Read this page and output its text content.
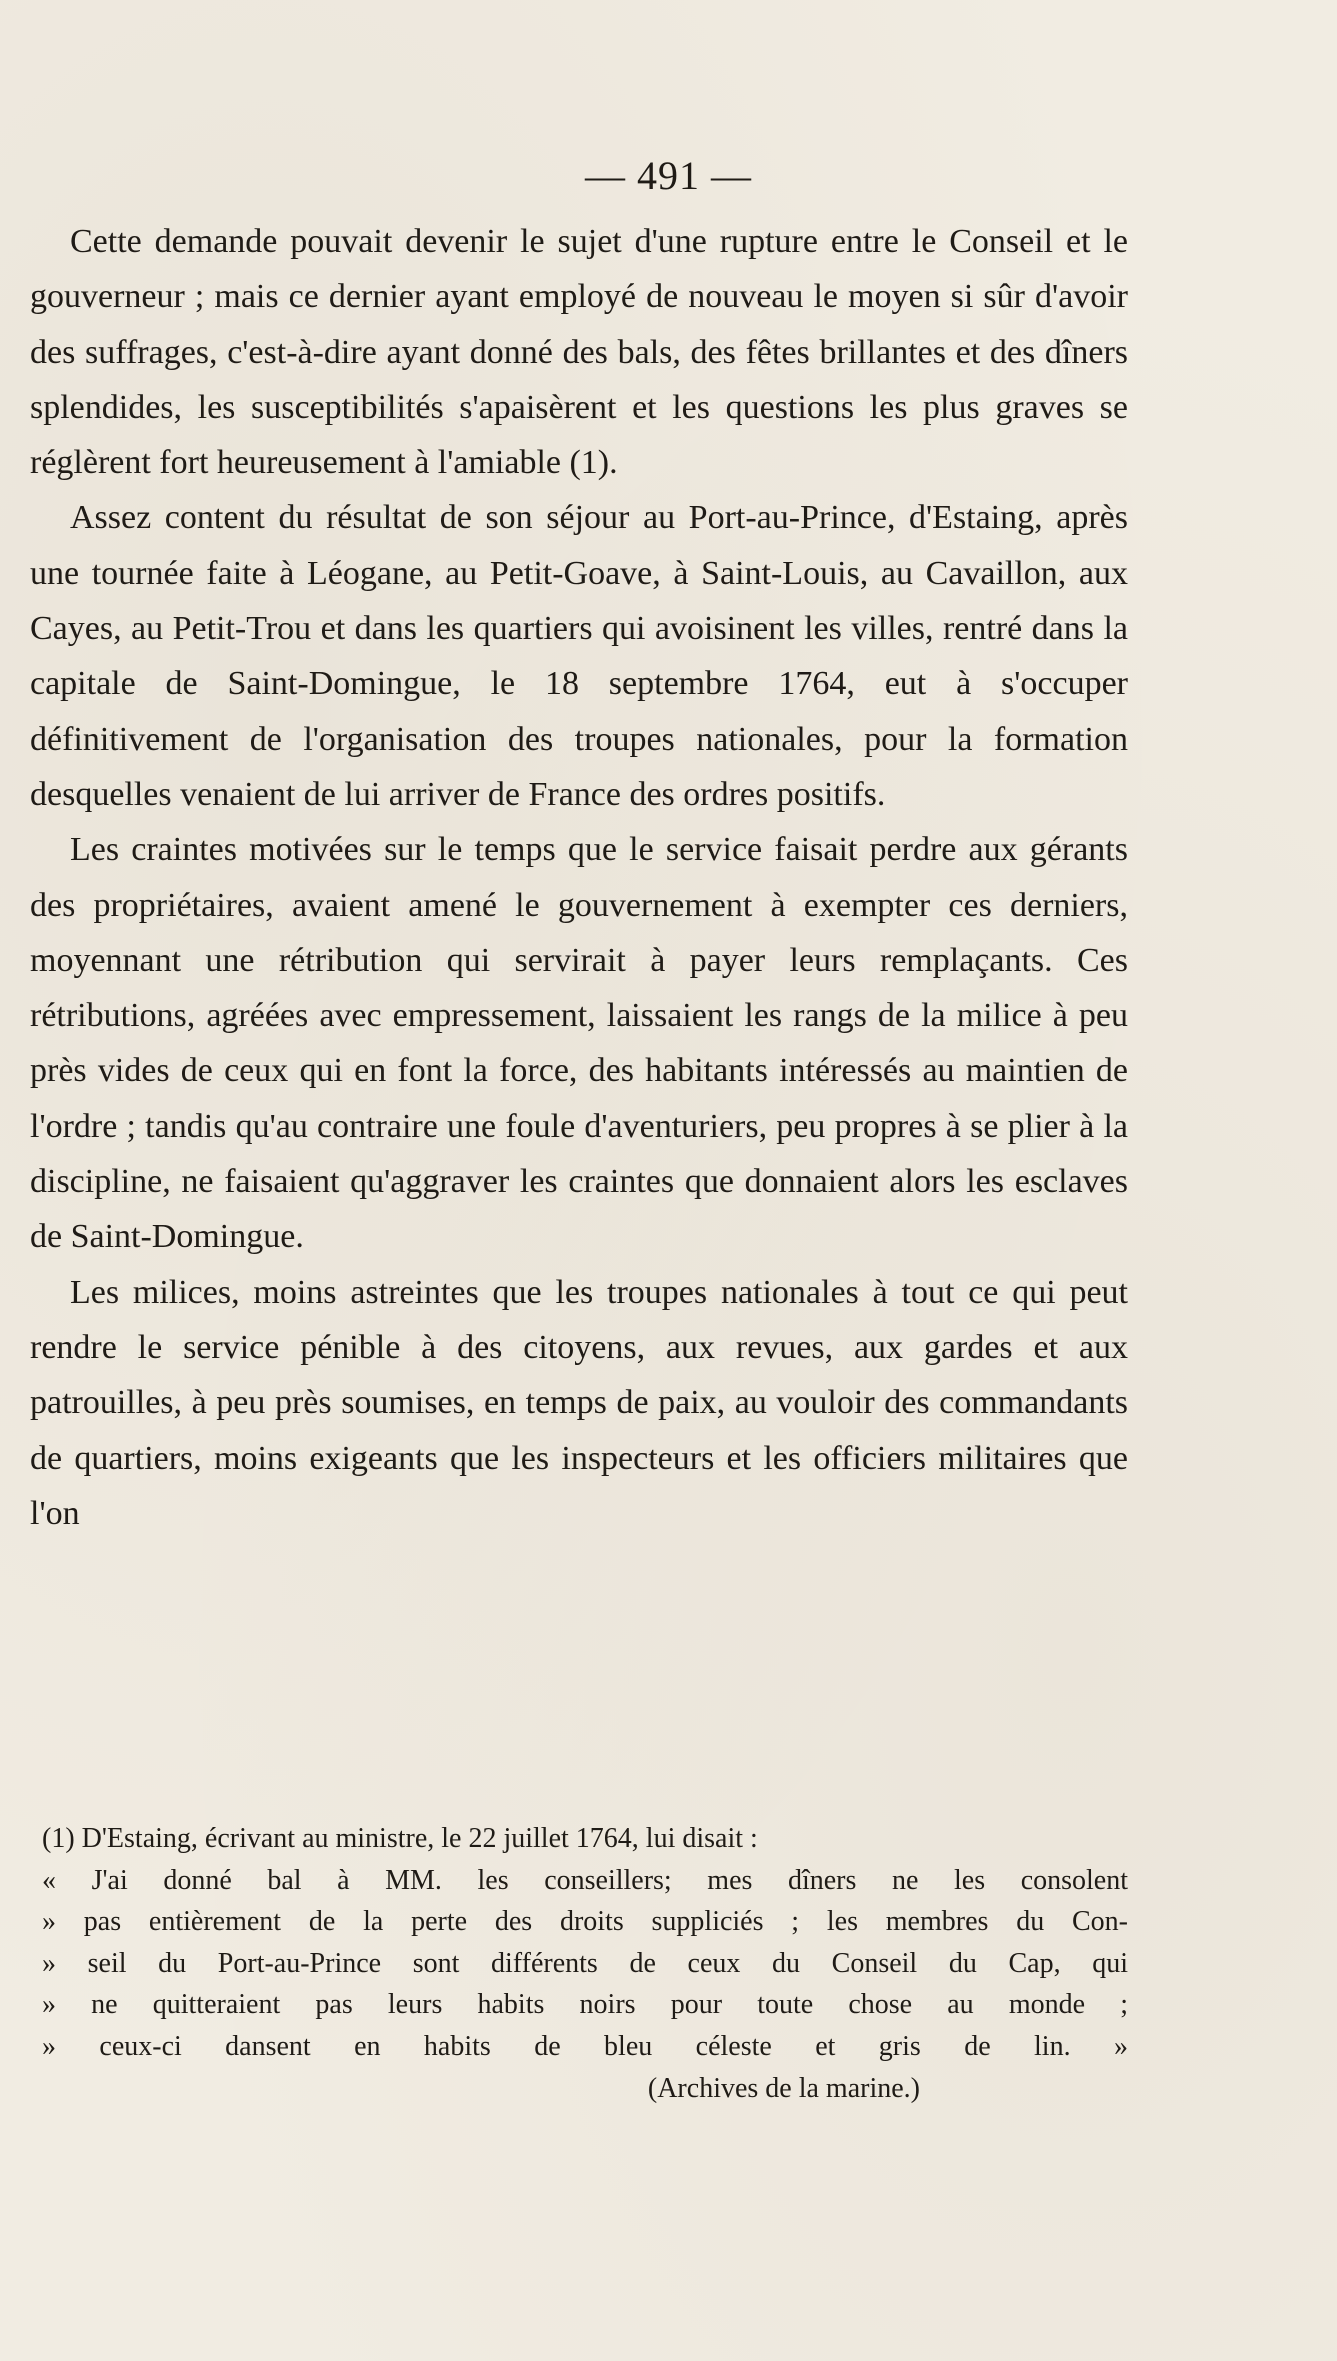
— 491 —

Cette demande pouvait devenir le sujet d'une rupture entre le Conseil et le gouverneur ; mais ce dernier ayant employé de nouveau le moyen si sûr d'avoir des suffrages, c'est-à-dire ayant donné des bals, des fêtes brillantes et des dîners splendides, les susceptibilités s'apaisèrent et les questions les plus graves se réglèrent fort heureusement à l'amiable (1).

Assez content du résultat de son séjour au Port-au-Prince, d'Estaing, après une tournée faite à Léogane, au Petit-Goave, à Saint-Louis, au Cavaillon, aux Cayes, au Petit-Trou et dans les quartiers qui avoisinent les villes, rentré dans la capitale de Saint-Domingue, le 18 septembre 1764, eut à s'occuper définitivement de l'organisation des troupes nationales, pour la formation desquelles venaient de lui arriver de France des ordres positifs.

Les craintes motivées sur le temps que le service faisait perdre aux gérants des propriétaires, avaient amené le gouvernement à exempter ces derniers, moyennant une rétribution qui servirait à payer leurs remplaçants. Ces rétributions, agréées avec empressement, laissaient les rangs de la milice à peu près vides de ceux qui en font la force, des habitants intéressés au maintien de l'ordre ; tandis qu'au contraire une foule d'aventuriers, peu propres à se plier à la discipline, ne faisaient qu'aggraver les craintes que donnaient alors les esclaves de Saint-Domingue.

Les milices, moins astreintes que les troupes nationales à tout ce qui peut rendre le service pénible à des citoyens, aux revues, aux gardes et aux patrouilles, à peu près soumises, en temps de paix, au vouloir des commandants de quartiers, moins exigeants que les inspecteurs et les officiers militaires que l'on

(1) D'Estaing, écrivant au ministre, le 22 juillet 1764, lui disait :

« J'ai donné bal à MM. les conseillers; mes dîners ne les consolent

» pas entièrement de la perte des droits suppliciés ; les membres du Con-

» seil du Port-au-Prince sont différents de ceux du Conseil du Cap, qui

» ne quitteraient pas leurs habits noirs pour toute chose au monde ;

» ceux-ci dansent en habits de bleu céleste et gris de lin. »

(Archives de la marine.)
